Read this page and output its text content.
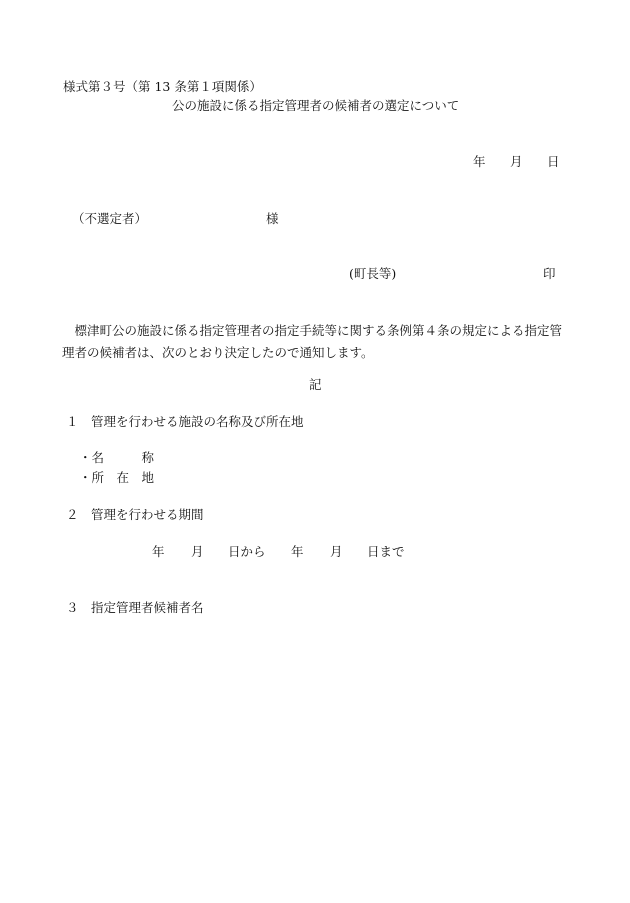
様式第３号（第 13 条第１項関係）

公の施設に係る指定管理者の候補者の選定について

年 月 日

（不選定者）	様

(町長等)	印

標津町公の施設に係る指定管理者の指定手続等に関する条例第４条の規定による指定管理者の候補者は、次のとおり決定したので通知します。

記

１　管理を行わせる施設の名称及び所在地

・名　　　称

・所　在　地

２　管理を行わせる期間

年 月 日から 年 月 日まで

３　指定管理者候補者名
